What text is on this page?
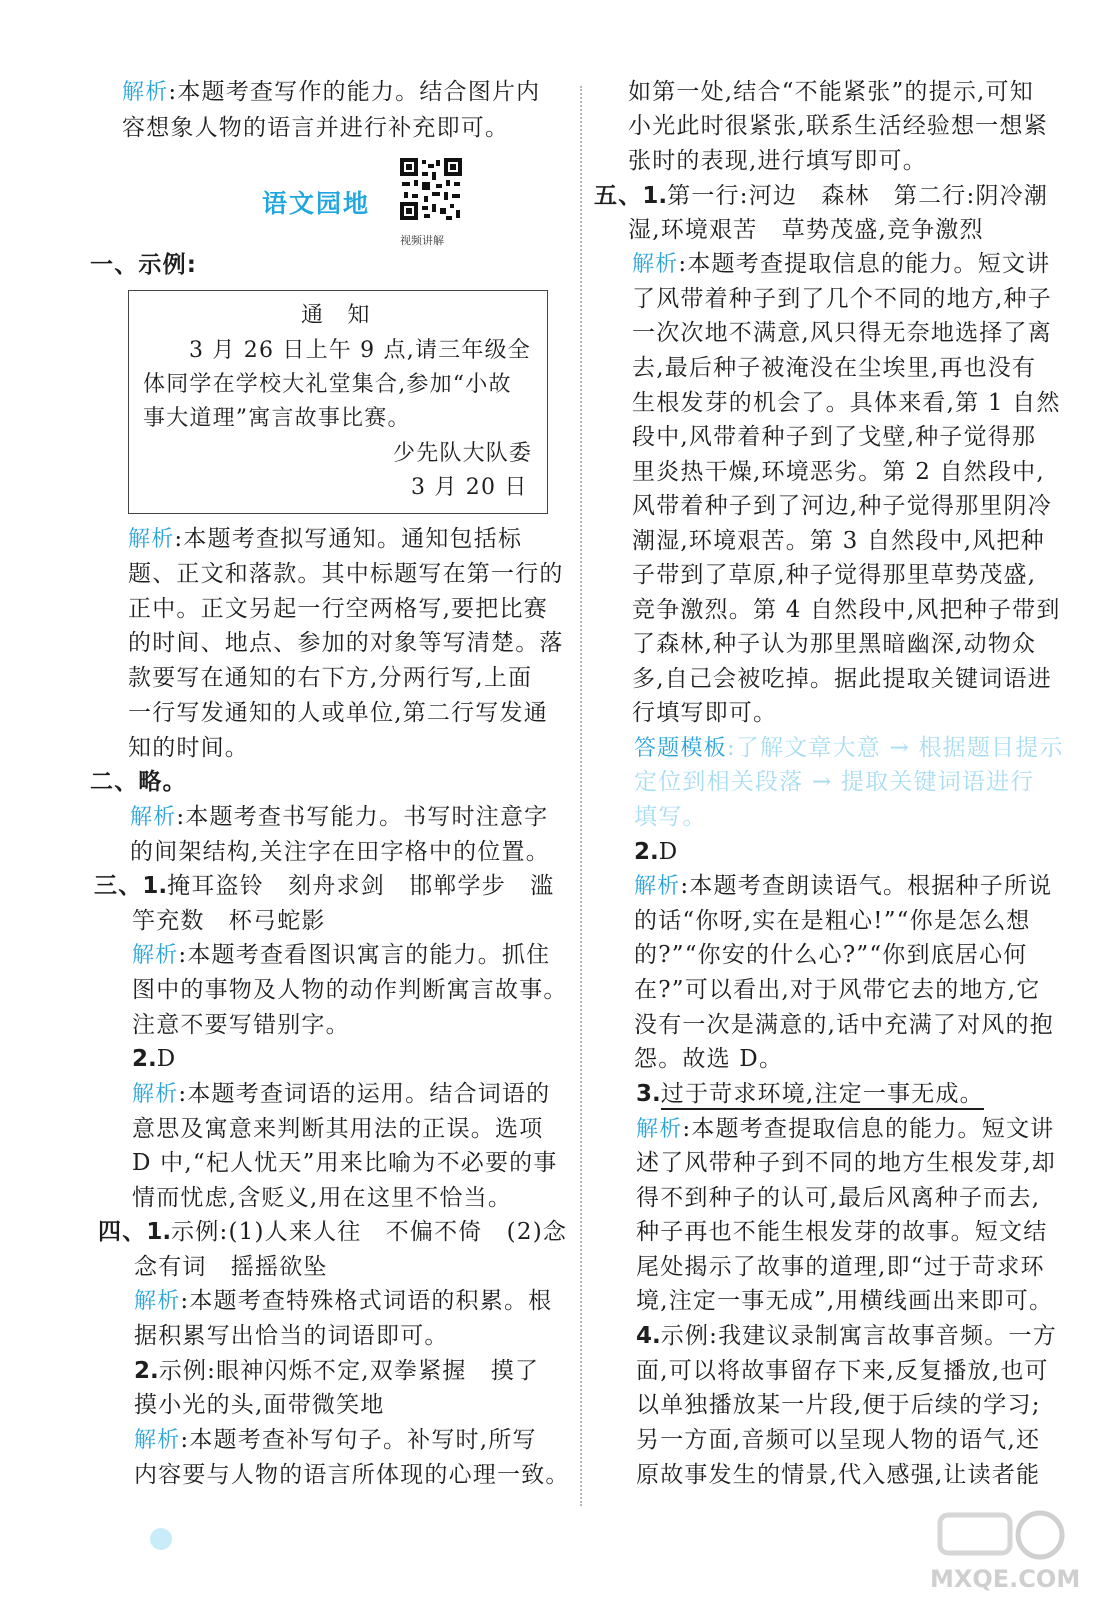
解析:本题考查写作的能力。结合图片内
容想象人物的语言并进行补充即可。
语文园地
视频讲解
一、示例:
通　知
3 月 26 日上午 9 点,请三年级全
体同学在学校大礼堂集合,参加“小故
事大道理”寓言故事比赛。
少先队大队委
3 月 20 日
解析:本题考查拟写通知。通知包括标
题、正文和落款。其中标题写在第一行的
正中。正文另起一行空两格写,要把比赛
的时间、地点、参加的对象等写清楚。落
款要写在通知的右下方,分两行写,上面
一行写发通知的人或单位,第二行写发通
知的时间。
二、略。
解析:本题考查书写能力。书写时注意字
的间架结构,关注字在田字格中的位置。
三、1.掩耳盗铃　刻舟求剑　邯郸学步　滥
竽充数　杯弓蛇影
解析:本题考查看图识寓言的能力。抓住
图中的事物及人物的动作判断寓言故事。
注意不要写错别字。
2.D
解析:本题考查词语的运用。结合词语的
意思及寓意来判断其用法的正误。选项
D 中,“杞人忧天”用来比喻为不必要的事
情而忧虑,含贬义,用在这里不恰当。
四、1.示例:(1)人来人往　不偏不倚　(2)念
念有词　摇摇欲坠
解析:本题考查特殊格式词语的积累。根
据积累写出恰当的词语即可。
2.示例:眼神闪烁不定,双拳紧握　摸了
摸小光的头,面带微笑地
解析:本题考查补写句子。补写时,所写
内容要与人物的语言所体现的心理一致。
如第一处,结合“不能紧张”的提示,可知
小光此时很紧张,联系生活经验想一想紧
张时的表现,进行填写即可。
五、1.第一行:河边　森林　第二行:阴冷潮
湿,环境艰苦　草势茂盛,竞争激烈
解析:本题考查提取信息的能力。短文讲
了风带着种子到了几个不同的地方,种子
一次次地不满意,风只得无奈地选择了离
去,最后种子被淹没在尘埃里,再也没有
生根发芽的机会了。具体来看,第 1 自然
段中,风带着种子到了戈壁,种子觉得那
里炎热干燥,环境恶劣。第 2 自然段中,
风带着种子到了河边,种子觉得那里阴冷
潮湿,环境艰苦。第 3 自然段中,风把种
子带到了草原,种子觉得那里草势茂盛,
竞争激烈。第 4 自然段中,风把种子带到
了森林,种子认为那里黑暗幽深,动物众
多,自己会被吃掉。据此提取关键词语进
行填写即可。
答题模板:了解文章大意 → 根据题目提示
定位到相关段落 → 提取关键词语进行
填写。
2.D
解析:本题考查朗读语气。根据种子所说
的话“你呀,实在是粗心!”“你是怎么想
的?”“你安的什么心?”“你到底居心何
在?”可以看出,对于风带它去的地方,它
没有一次是满意的,话中充满了对风的抱
怨。故选 D。
3.过于苛求环境,注定一事无成。
解析:本题考查提取信息的能力。短文讲
述了风带种子到不同的地方生根发芽,却
得不到种子的认可,最后风离种子而去,
种子再也不能生根发芽的故事。短文结
尾处揭示了故事的道理,即“过于苛求环
境,注定一事无成”,用横线画出来即可。
4.示例:我建议录制寓言故事音频。一方
面,可以将故事留存下来,反复播放,也可
以单独播放某一片段,便于后续的学习;
另一方面,音频可以呈现人物的语气,还
原故事发生的情景,代入感强,让读者能
MXQE.COM
